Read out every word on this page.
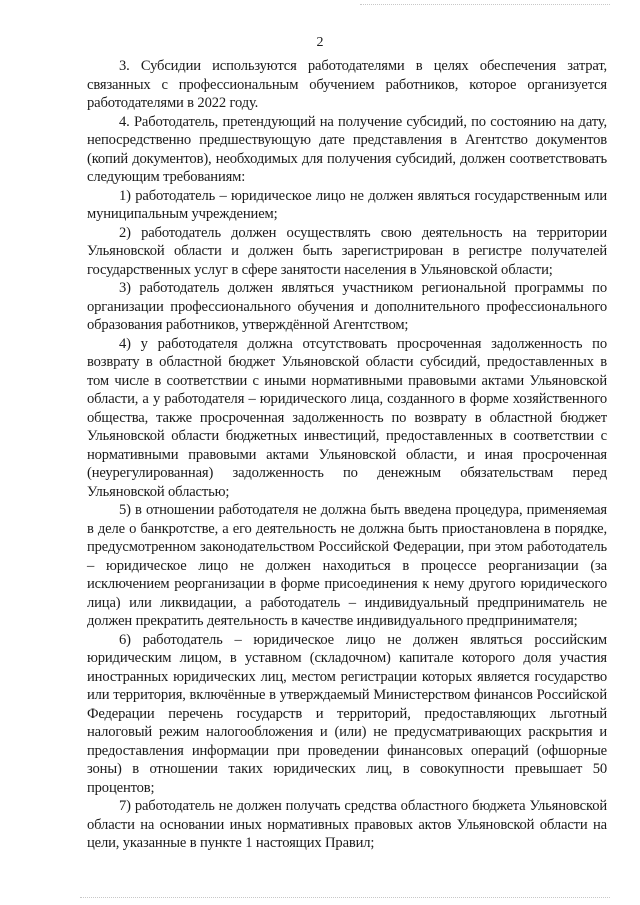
2

3. Субсидии используются работодателями в целях обеспечения затрат, связанных с профессиональным обучением работников, которое организуется работодателями в 2022 году.

4. Работодатель, претендующий на получение субсидий, по состоянию на дату, непосредственно предшествующую дате представления в Агентство документов (копий документов), необходимых для получения субсидий, должен соответствовать следующим требованиям:

1) работодатель – юридическое лицо не должен являться государственным или муниципальным учреждением;

2) работодатель должен осуществлять свою деятельность на территории Ульяновской области и должен быть зарегистрирован в регистре получателей государственных услуг в сфере занятости населения в Ульяновской области;

3) работодатель должен являться участником региональной программы по организации профессионального обучения и дополнительного профессионального образования работников, утверждённой Агентством;

4) у работодателя должна отсутствовать просроченная задолженность по возврату в областной бюджет Ульяновской области субсидий, предоставленных в том числе в соответствии с иными нормативными правовыми актами Ульяновской области, а у работодателя – юридического лица, созданного в форме хозяйственного общества, также просроченная задолженность по возврату в областной бюджет Ульяновской области бюджетных инвестиций, предоставленных в соответствии с нормативными правовыми актами Ульяновской области, и иная просроченная (неурегулированная) задолженность по денежным обязательствам перед Ульяновской областью;

5) в отношении работодателя не должна быть введена процедура, применяемая в деле о банкротстве, а его деятельность не должна быть приостановлена в порядке, предусмотренном законодательством Российской Федерации, при этом работодатель – юридическое лицо не должен находиться в процессе реорганизации (за исключением реорганизации в форме присоединения к нему другого юридического лица) или ликвидации, а работодатель – индивидуальный предприниматель не должен прекратить деятельность в качестве индивидуального предпринимателя;

6) работодатель – юридическое лицо не должен являться российским юридическим лицом, в уставном (складочном) капитале которого доля участия иностранных юридических лиц, местом регистрации которых является государство или территория, включённые в утверждаемый Министерством финансов Российской Федерации перечень государств и территорий, предоставляющих льготный налоговый режим налогообложения и (или) не предусматривающих раскрытия и предоставления информации при проведении финансовых операций (офшорные зоны) в отношении таких юридических лиц, в совокупности превышает 50 процентов;

7) работодатель не должен получать средства областного бюджета Ульяновской области на основании иных нормативных правовых актов Ульяновской области на цели, указанные в пункте 1 настоящих Правил;
